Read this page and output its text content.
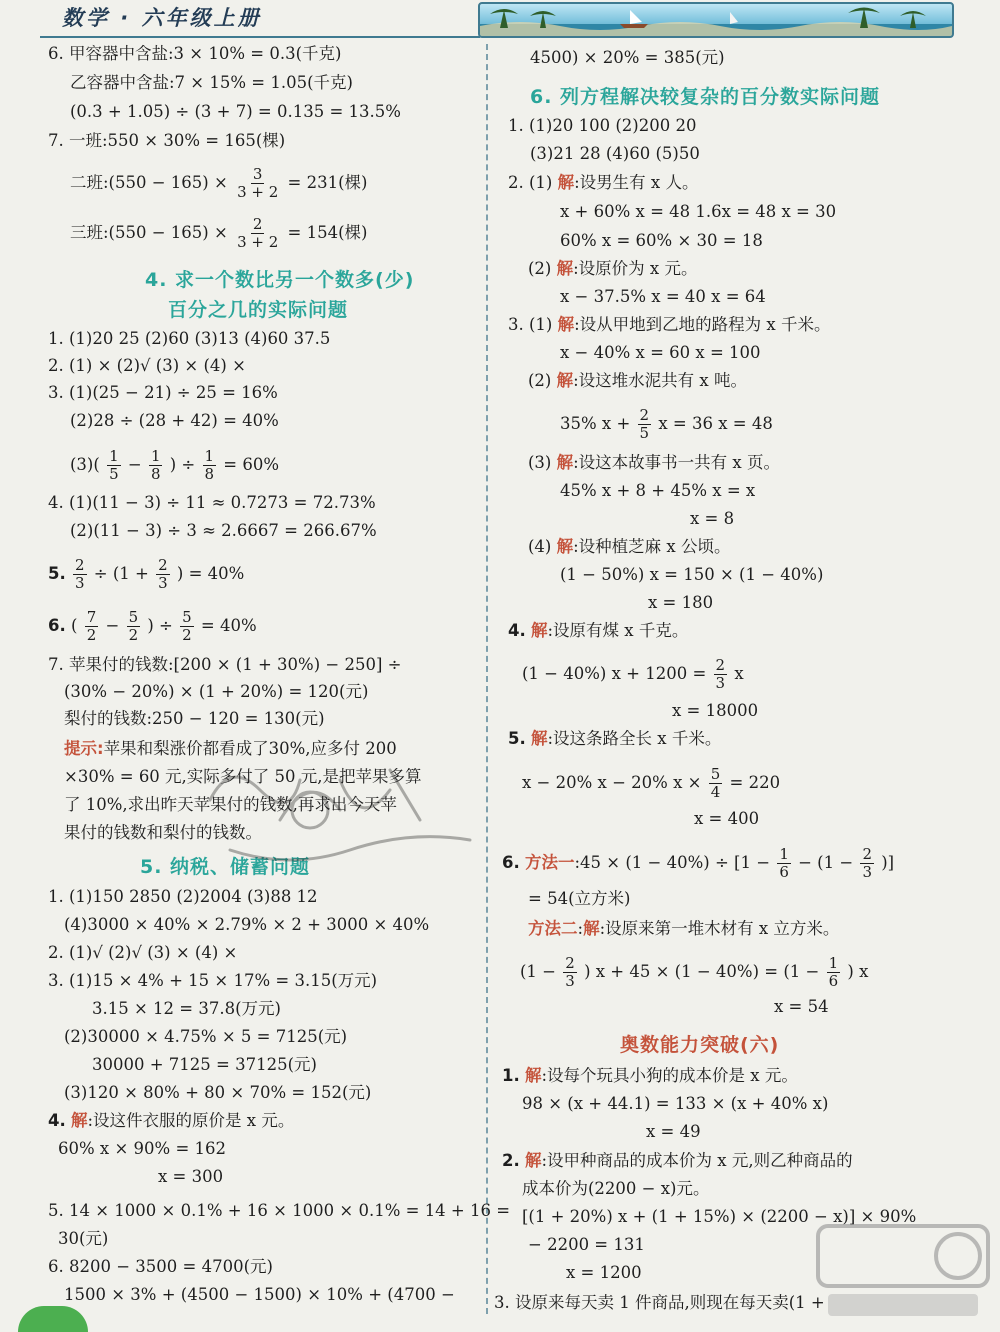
数学 · 六年级上册
6. 甲容器中含盐:3 × 10% = 0.3(千克)
乙容器中含盐:7 × 15% = 1.05(千克)
(0.3 + 1.05) ÷ (3 + 7) = 0.135 = 13.5%
7. 一班:550 × 30% = 165(棵)
二班:(550 − $165) \times \frac{3}{3 + 2} = 231$(棵)
三班:(550 − $165) \times \frac{2}{3 + 2} = 154$(棵)
4. 求一个数比另一个数多(少)
百分之几的实际问题
1. (1)20 25 (2)60 (3)13 (4)60 37.5
2. (1) × (2)√ (3) × (4) ×
3. (1)(25 − 21) ÷ 25 = 16%
(2)28 ÷ (28 + 42) = 40%
$(3)( \frac{1}{5} - \frac{1}{8}$ ) ÷ $\frac{1}{8} = 60\%$
4. (1)(11 − 3) ÷ 11 ≈ 0.7273 = 72.73%
(2)(11 − 3) ÷ 3 ≈ 2.6667 = 266.67%
5. $\frac{2}{3} \div (1 + \frac{2}{3}$ ) = 40%
6. ( $\frac{7}{2} - \frac{5}{2}$ ) ÷ $\frac{5}{2} = 40\%$
7. 苹果付的钱数:[200 × (1 + 30%) − 250] ÷
(30% − 20%) × (1 + 20%) = 120(元)
梨付的钱数:250 − 120 = 130(元)
提示:苹果和梨涨价都看成了30%,应多付 200
×30% = 60 元,实际多付了 50 元,是把苹果多算
了 10%,求出昨天苹果付的钱数,再求出今天苹
果付的钱数和梨付的钱数。
5. 纳税、储蓄问题
1. (1)150 2850 (2)2004 (3)88 12
(4)3000 × 40% × 2.79% × 2 + 3000 × 40%
2. (1)√ (2)√ (3) × (4) ×
3. (1)15 × 4% + 15 × 17% = 3.15(万元)
3.15 × 12 = 37.8(万元)
(2)30000 × 4.75% × 5 = 7125(元)
30000 + 7125 = 37125(元)
(3)120 × 80% + 80 × 70% = 152(元)
4. 解:设这件衣服的原价是 x 元。
60% x × 90% = 162
x = 300
5. 14 × 1000 × 0.1% + 16 × 1000 × 0.1% = 14 + 16 =
30(元)
6. 8200 − 3500 = 4700(元)
1500 × 3% + (4500 − 1500) × 10% + (4700 −
4500) × 20% = 385(元)
6. 列方程解决较复杂的百分数实际问题
1. (1)20 100 (2)200 20
(3)21 28 (4)60 (5)50
2. (1) 解:设男生有 x 人。
x + 60% x = 48 1.6x = 48 x = 30
60% x = 60% × 30 = 18
(2) 解:设原价为 x 元。
x − 37.5% x = 40 x = 64
3. (1) 解:设从甲地到乙地的路程为 x 千米。
x − 40% x = 60 x = 100
(2) 解:设这堆水泥共有 x 吨。
35% $x + \frac{2}{5}$ x = 36 x = 48
(3) 解:设这本故事书一共有 x 页。
45% x + 8 + 45% x = x
x = 8
(4) 解:设种植芝麻 x 公顷。
(1 − 50%) x = 150 × (1 − 40%)
x = 180
4. 解:设原有煤 x 千克。
(1 − 40%) $x + 1200 = \frac{2}{3}$ x
x = 18000
5. 解:设这条路全长 x 千米。
x − 20% x − 20% $x \times \frac{5}{4} = 220$
x = 400
6. 方法一:45 × $(1 - 40\%) \div [1 - \frac{1}{6} - (1 - \frac{2}{3}$ )]
= 54(立方米)
方法二:解:设原来第一堆木材有 x 立方米。
($1 - \frac{2}{3}$ ) $x + 45 \times (1 - 40\%) = (1 - \frac{1}{6}$ ) x
x = 54
奥数能力突破(六)
1. 解:设每个玩具小狗的成本价是 x 元。
98 × (x + 44.1) = 133 × (x + 40% x)
x = 49
2. 解:设甲种商品的成本价为 x 元,则乙种商品的
成本价为(2200 − x)元。
[(1 + 20%) x + (1 + 15%) × (2200 − x)] × 90%
− 2200 = 131
x = 1200
3. 设原来每天卖 1 件商品,则现在每天卖(1 +
